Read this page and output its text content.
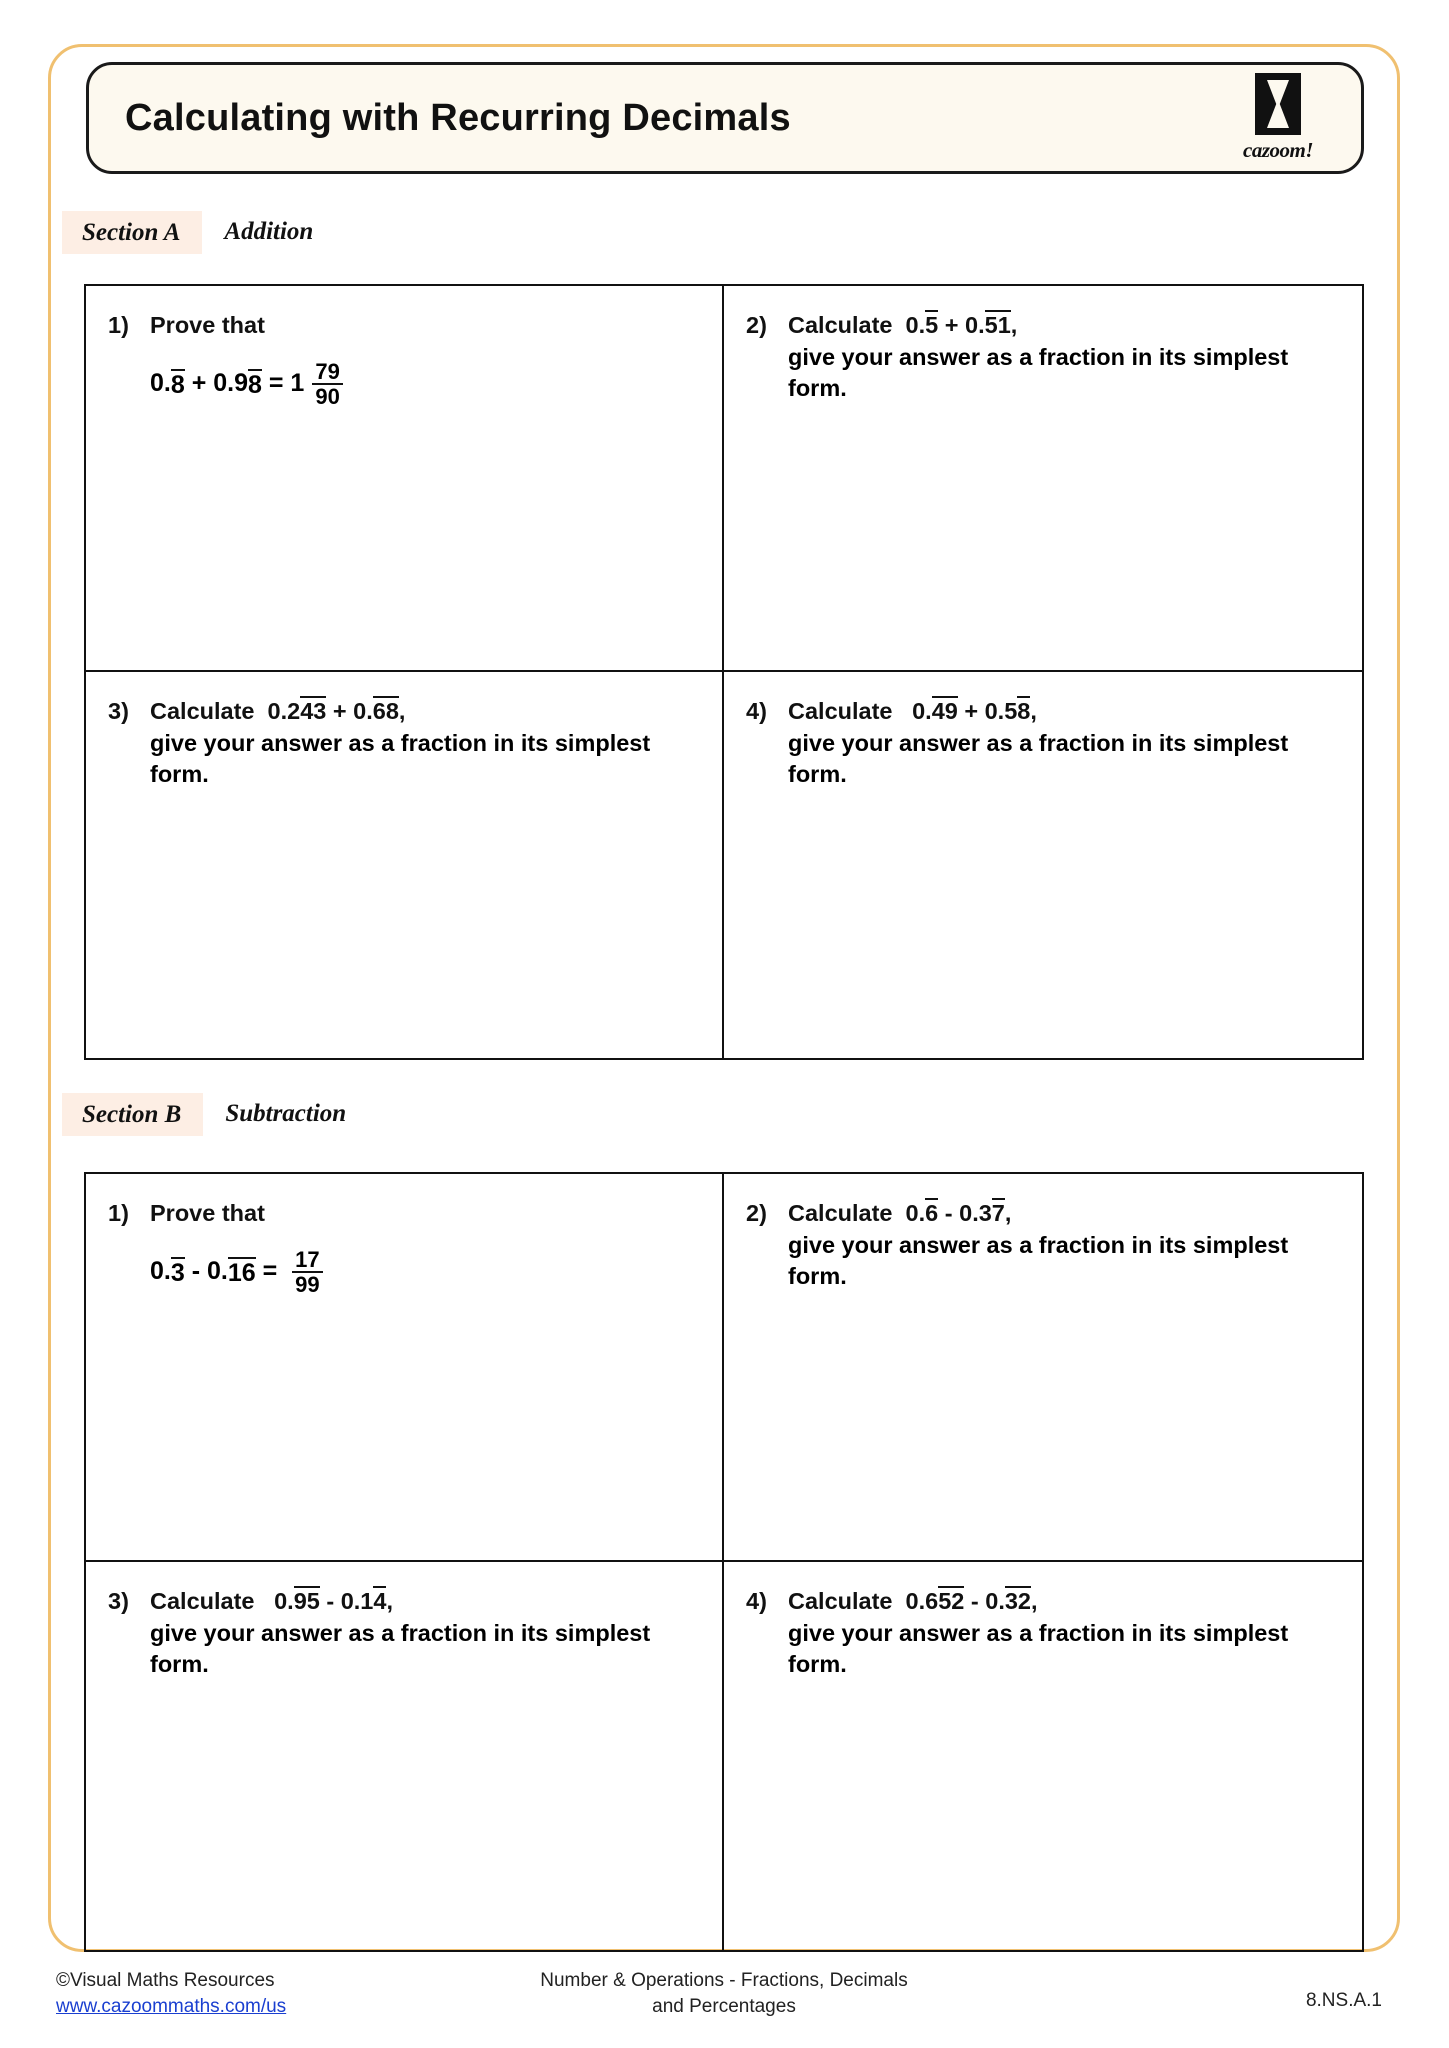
Calculating with Recurring Decimals
cazoom!
Section A	Addition
1) Prove that
0. 8 + 0.9 $8 = 1 \frac{79}{90}$
2) Calculate  0.5 + 0.51,
give your answer as a fraction in its simplest form.
3) Calculate  0.243 + 0.68,
give your answer as a fraction in its simplest form.
4) Calculate   0.49 + 0.58,
give your answer as a fraction in its simplest form.
Section B	Subtraction
1) Prove that
0. 3 - 0. $16 = \frac{17}{99}$
2) Calculate  0.6 - 0.37,
give your answer as a fraction in its simplest form.
3) Calculate   0.95 - 0.14,
give your answer as a fraction in its simplest form.
4) Calculate  0.652 - 0.32,
give your answer as a fraction in its simplest form.
©Visual Maths Resources
www.cazoommaths.com/us
Number & Operations - Fractions, Decimals
and Percentages	8.NS.A.1
